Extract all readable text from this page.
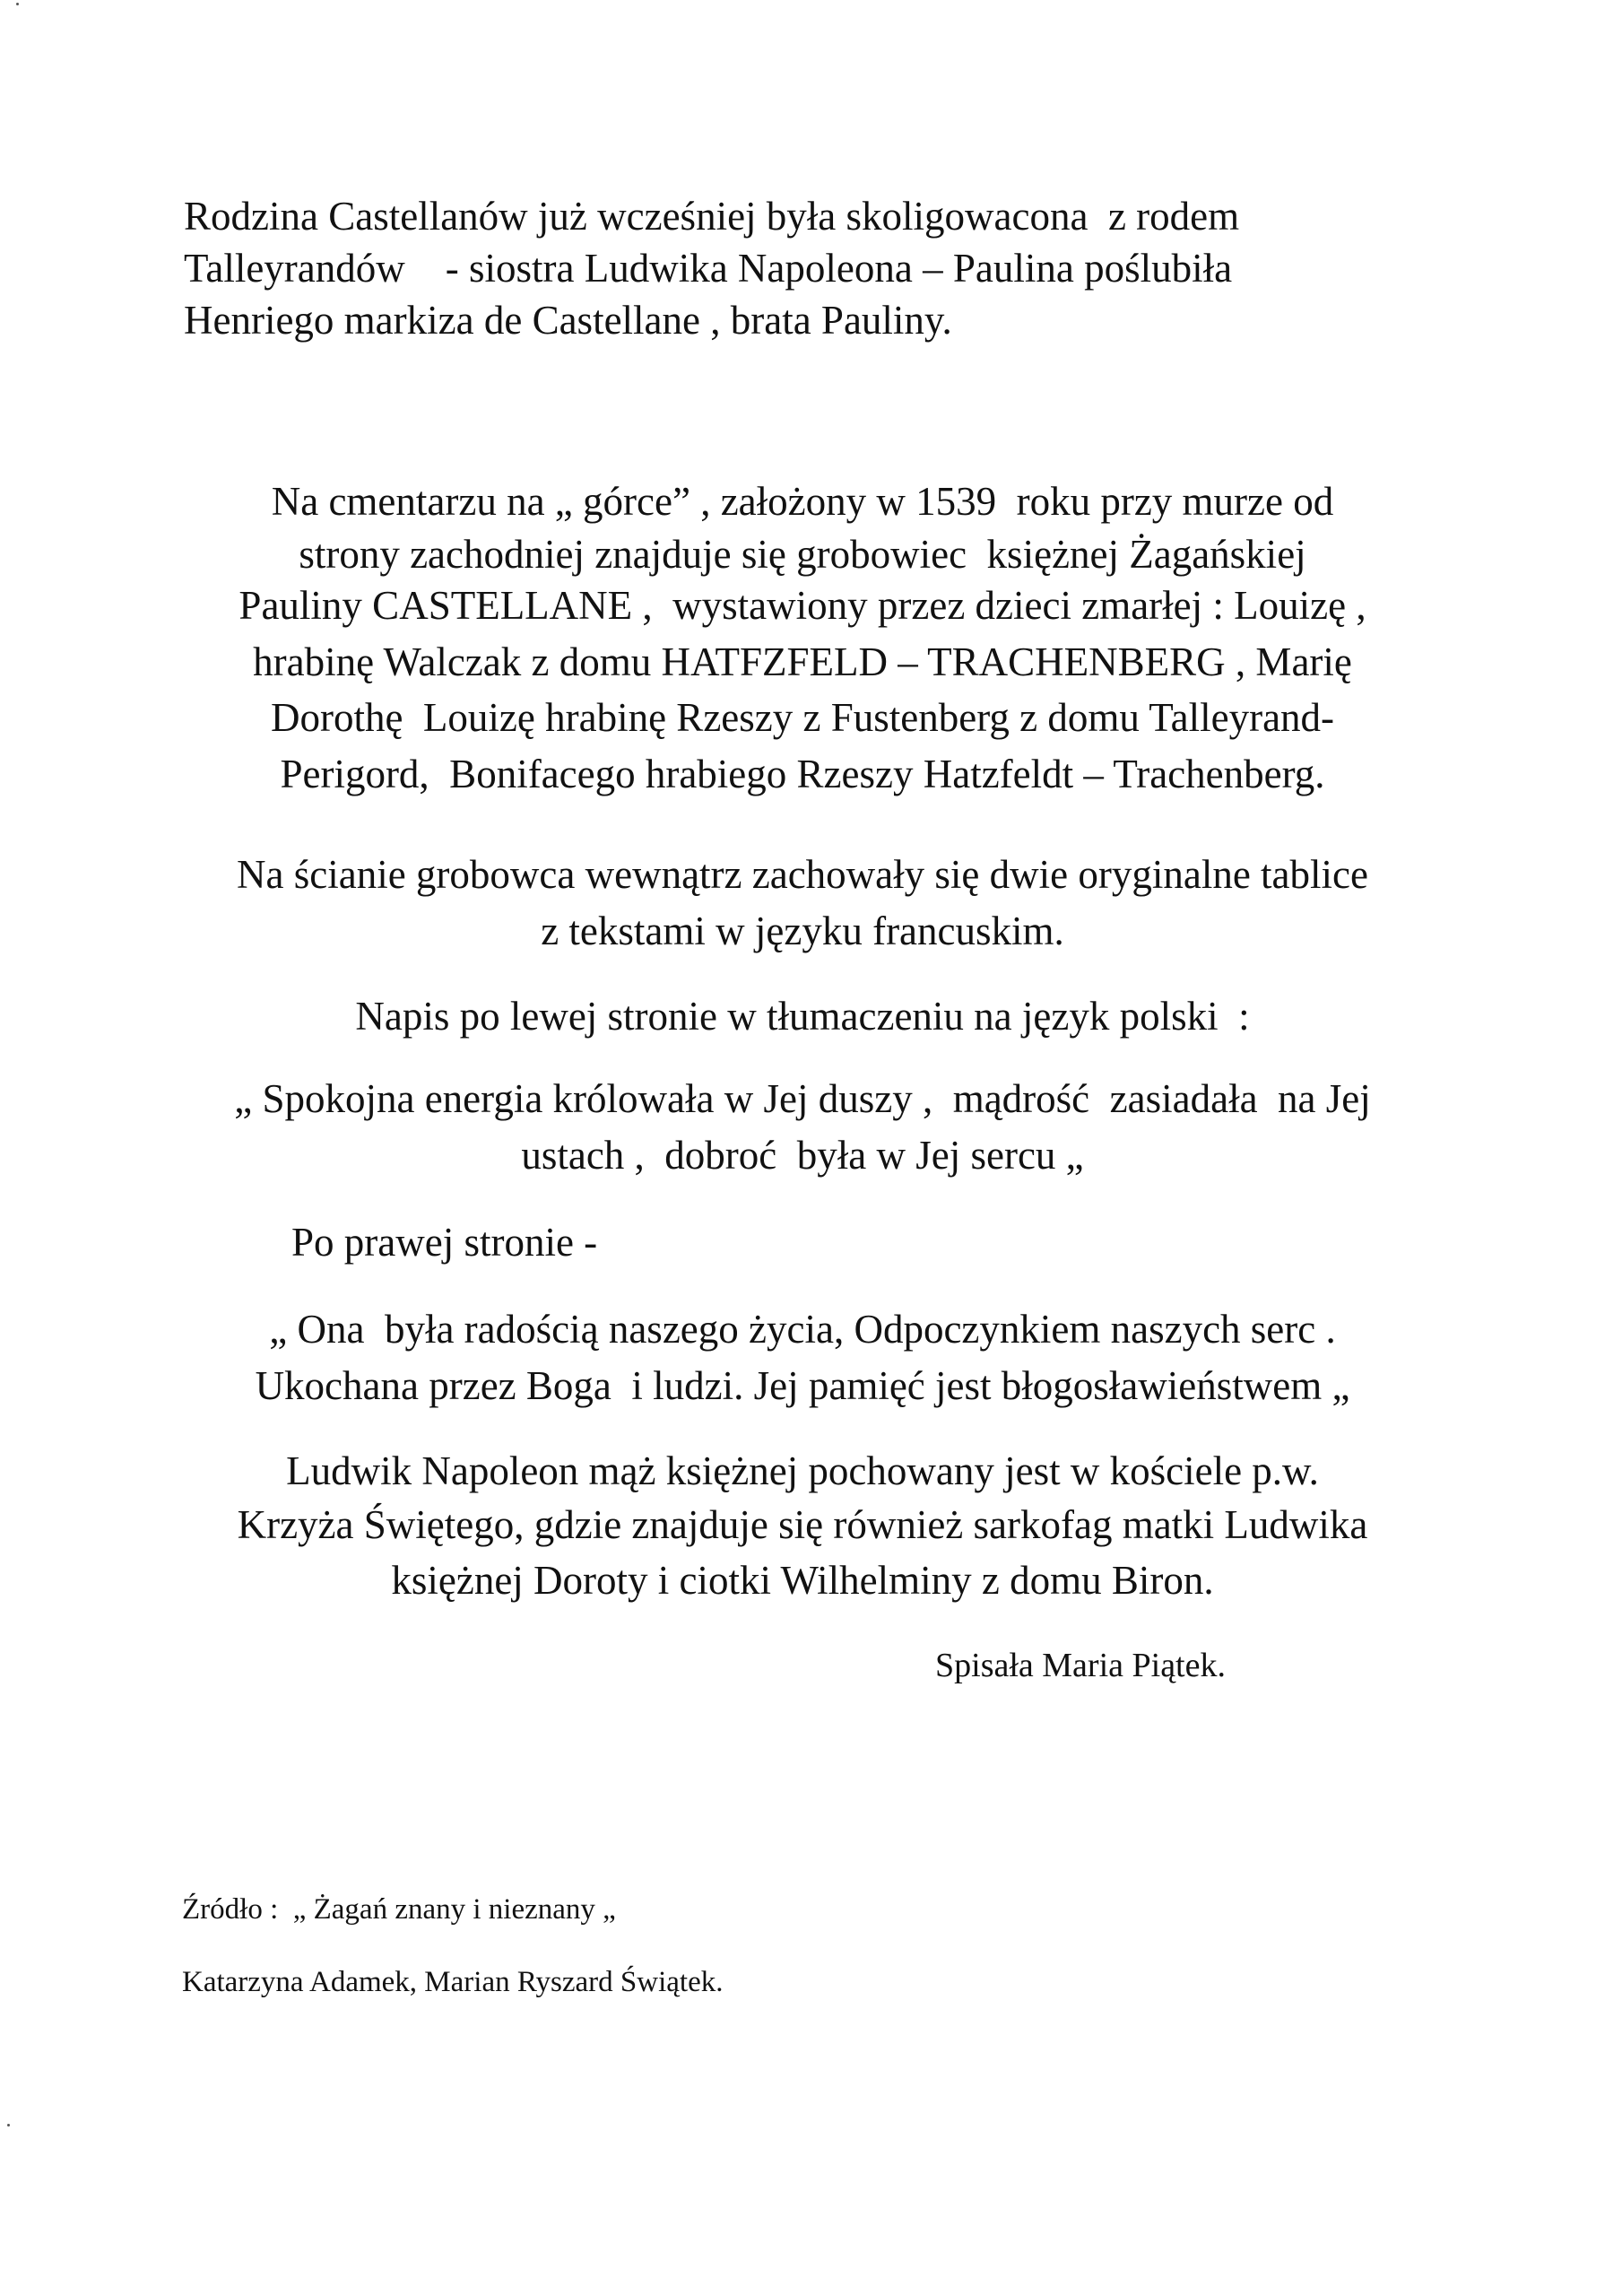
Rodzina Castellanów już wcześniej była skoligowacona  z rodem
Talleyrandów    - siostra Ludwika Napoleona – Paulina poślubiła
Henriego markiza de Castellane , brata Pauliny.
Na cmentarzu na „ górce” , założony w 1539  roku przy murze od
strony zachodniej znajduje się grobowiec  księżnej Żagańskiej
Pauliny CASTELLANE ,  wystawiony przez dzieci zmarłej : Louizę ,
hrabinę Walczak z domu HATFZFELD – TRACHENBERG , Marię
Dorothę  Louizę hrabinę Rzeszy z Fustenberg z domu Talleyrand-
Perigord,  Bonifacego hrabiego Rzeszy Hatzfeldt – Trachenberg.
Na ścianie grobowca wewnątrz zachowały się dwie oryginalne tablice
z tekstami w języku francuskim.
Napis po lewej stronie w tłumaczeniu na język polski  :
„ Spokojna energia królowała w Jej duszy ,  mądrość  zasiadała  na Jej
ustach ,  dobroć  była w Jej sercu „
Po prawej stronie -
„ Ona  była radością naszego życia, Odpoczynkiem naszych serc .
Ukochana przez Boga  i ludzi. Jej pamięć jest błogosławieństwem „
Ludwik Napoleon mąż księżnej pochowany jest w kościele p.w.
Krzyża Świętego, gdzie znajduje się również sarkofag matki Ludwika
księżnej Doroty i ciotki Wilhelminy z domu Biron.
Spisała Maria Piątek.
Źródło :  „ Żagań znany i nieznany „
Katarzyna Adamek, Marian Ryszard Świątek.
